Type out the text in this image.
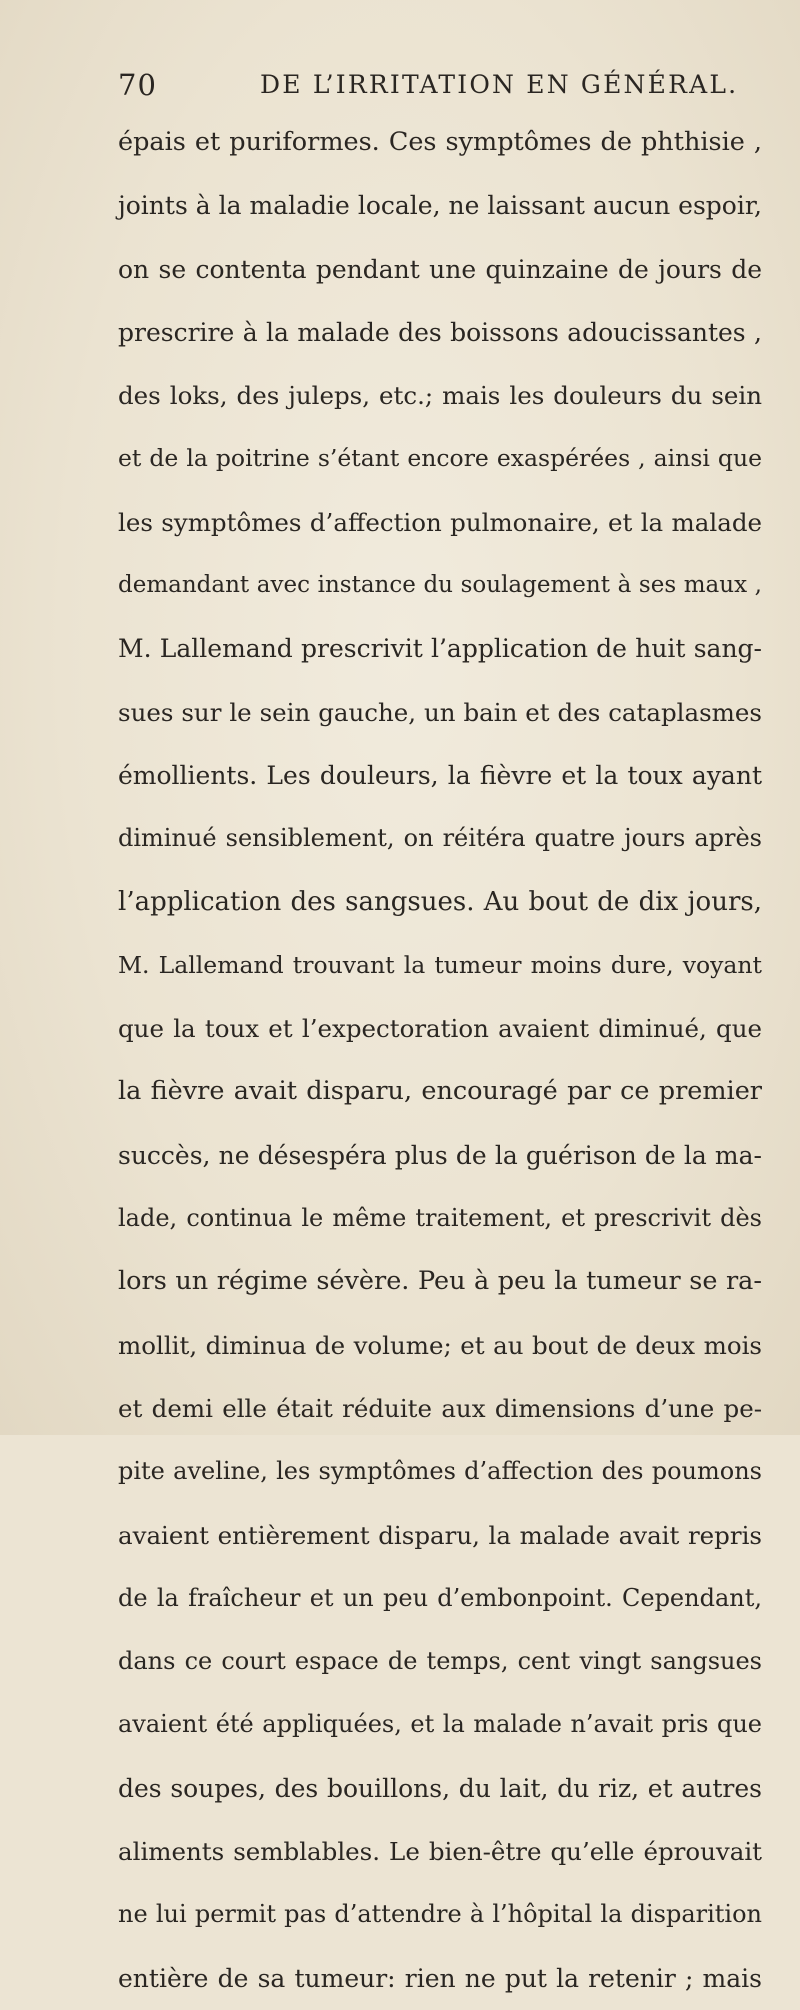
70	DE L’IRRITATION EN GÉNÉRAL.
épais et puriformes. Ces symptômes de phthisie ,
joints à la maladie locale, ne laissant aucun espoir,
on se contenta pendant une quinzaine de jours de
prescrire à la malade des boissons adoucissantes ,
des loks, des juleps, etc.; mais les douleurs du sein
et de la poitrine s’étant encore exaspérées , ainsi que
les symptômes d’affection pulmonaire, et la malade
demandant avec instance du soulagement à ses maux ,
M. Lallemand prescrivit l’application de huit sang-
sues sur le sein gauche, un bain et des cataplasmes
émollients. Les douleurs, la fièvre et la toux ayant
diminué sensiblement, on réitéra quatre jours après
l’application des sangsues. Au bout de dix jours,
M. Lallemand trouvant la tumeur moins dure, voyant
que la toux et l’expectoration avaient diminué, que
la fièvre avait disparu, encouragé par ce premier
succès, ne désespéra plus de la guérison de la ma-
lade, continua le même traitement, et prescrivit dès
lors un régime sévère. Peu à peu la tumeur se ra-
mollit, diminua de volume; et au bout de deux mois
et demi elle était réduite aux dimensions d’une pe-
pite aveline, les symptômes d’affection des poumons
avaient entièrement disparu, la malade avait repris
de la fraîcheur et un peu d’embonpoint. Cependant,
dans ce court espace de temps, cent vingt sangsues
avaient été appliquées, et la malade n’avait pris que
des soupes, des bouillons, du lait, du riz, et autres
aliments semblables. Le bien-être qu’elle éprouvait
ne lui permit pas d’attendre à l’hôpital la disparition
entière de sa tumeur: rien ne put la retenir ; mais
